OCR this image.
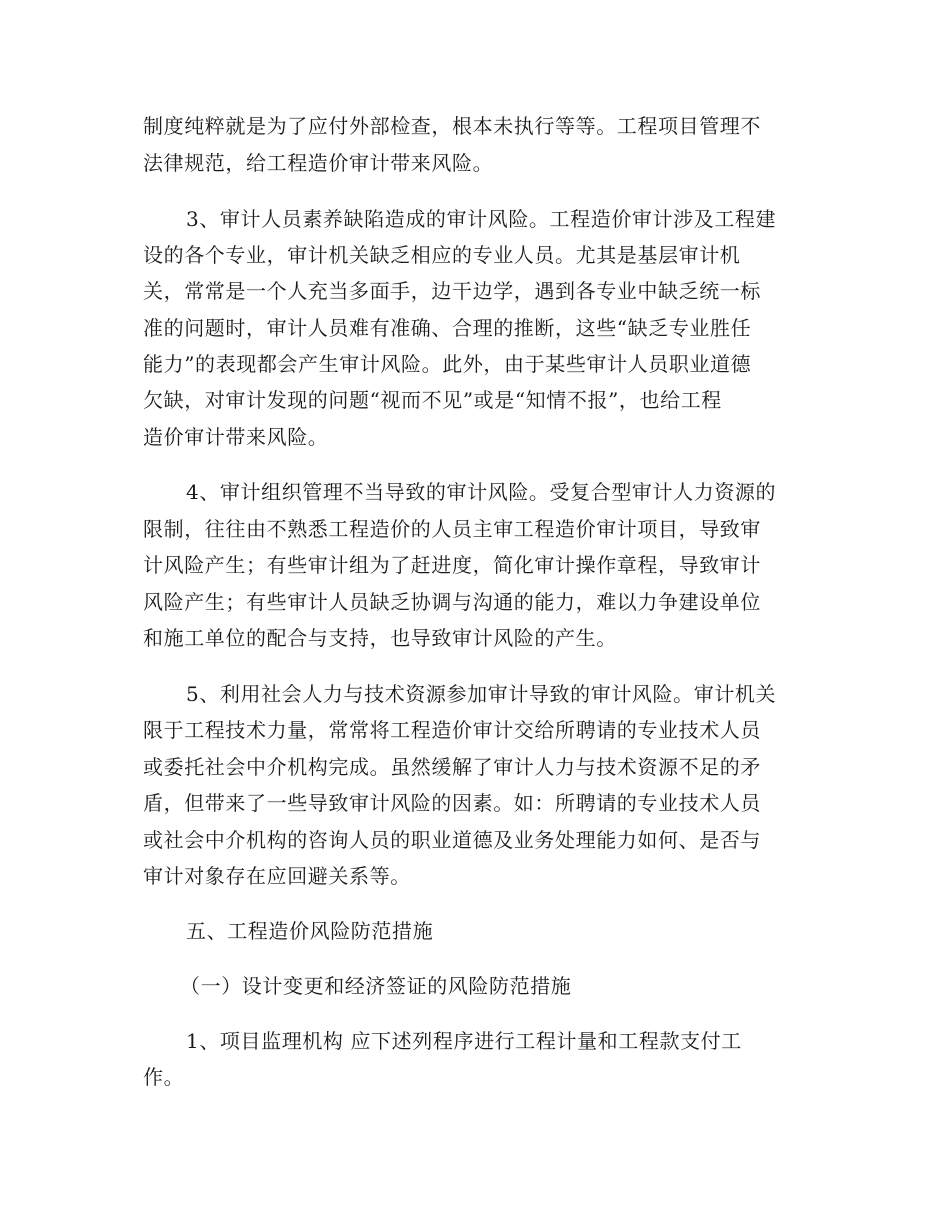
制度纯粹就是为了应付外部检查，根本未执行等等。工程项目管理不
法律规范，给工程造价审计带来风险。
3、审计人员素养缺陷造成的审计风险。工程造价审计涉及工程建
设的各个专业，审计机关缺乏相应的专业人员。尤其是基层审计机
关，常常是一个人充当多面手，边干边学，遇到各专业中缺乏统一标
准的问题时，审计人员难有准确、合理的推断，这些“缺乏专业胜任
能力”的表现都会产生审计风险。此外，由于某些审计人员职业道德
欠缺，对审计发现的问题“视而不见”或是“知情不报”，也给工程
造价审计带来风险。
4、审计组织管理不当导致的审计风险。受复合型审计人力资源的
限制，往往由不熟悉工程造价的人员主审工程造价审计项目，导致审
计风险产生；有些审计组为了赶进度，简化审计操作章程，导致审计
风险产生；有些审计人员缺乏协调与沟通的能力，难以力争建设单位
和施工单位的配合与支持，也导致审计风险的产生。
5、利用社会人力与技术资源参加审计导致的审计风险。审计机关
限于工程技术力量，常常将工程造价审计交给所聘请的专业技术人员
或委托社会中介机构完成。虽然缓解了审计人力与技术资源不足的矛
盾，但带来了一些导致审计风险的因素。如：所聘请的专业技术人员
或社会中介机构的咨询人员的职业道德及业务处理能力如何、是否与
审计对象存在应回避关系等。
五、工程造价风险防范措施
（一）设计变更和经济签证的风险防范措施
1、项目监理机构 应下述列程序进行工程计量和工程款支付工
作。
